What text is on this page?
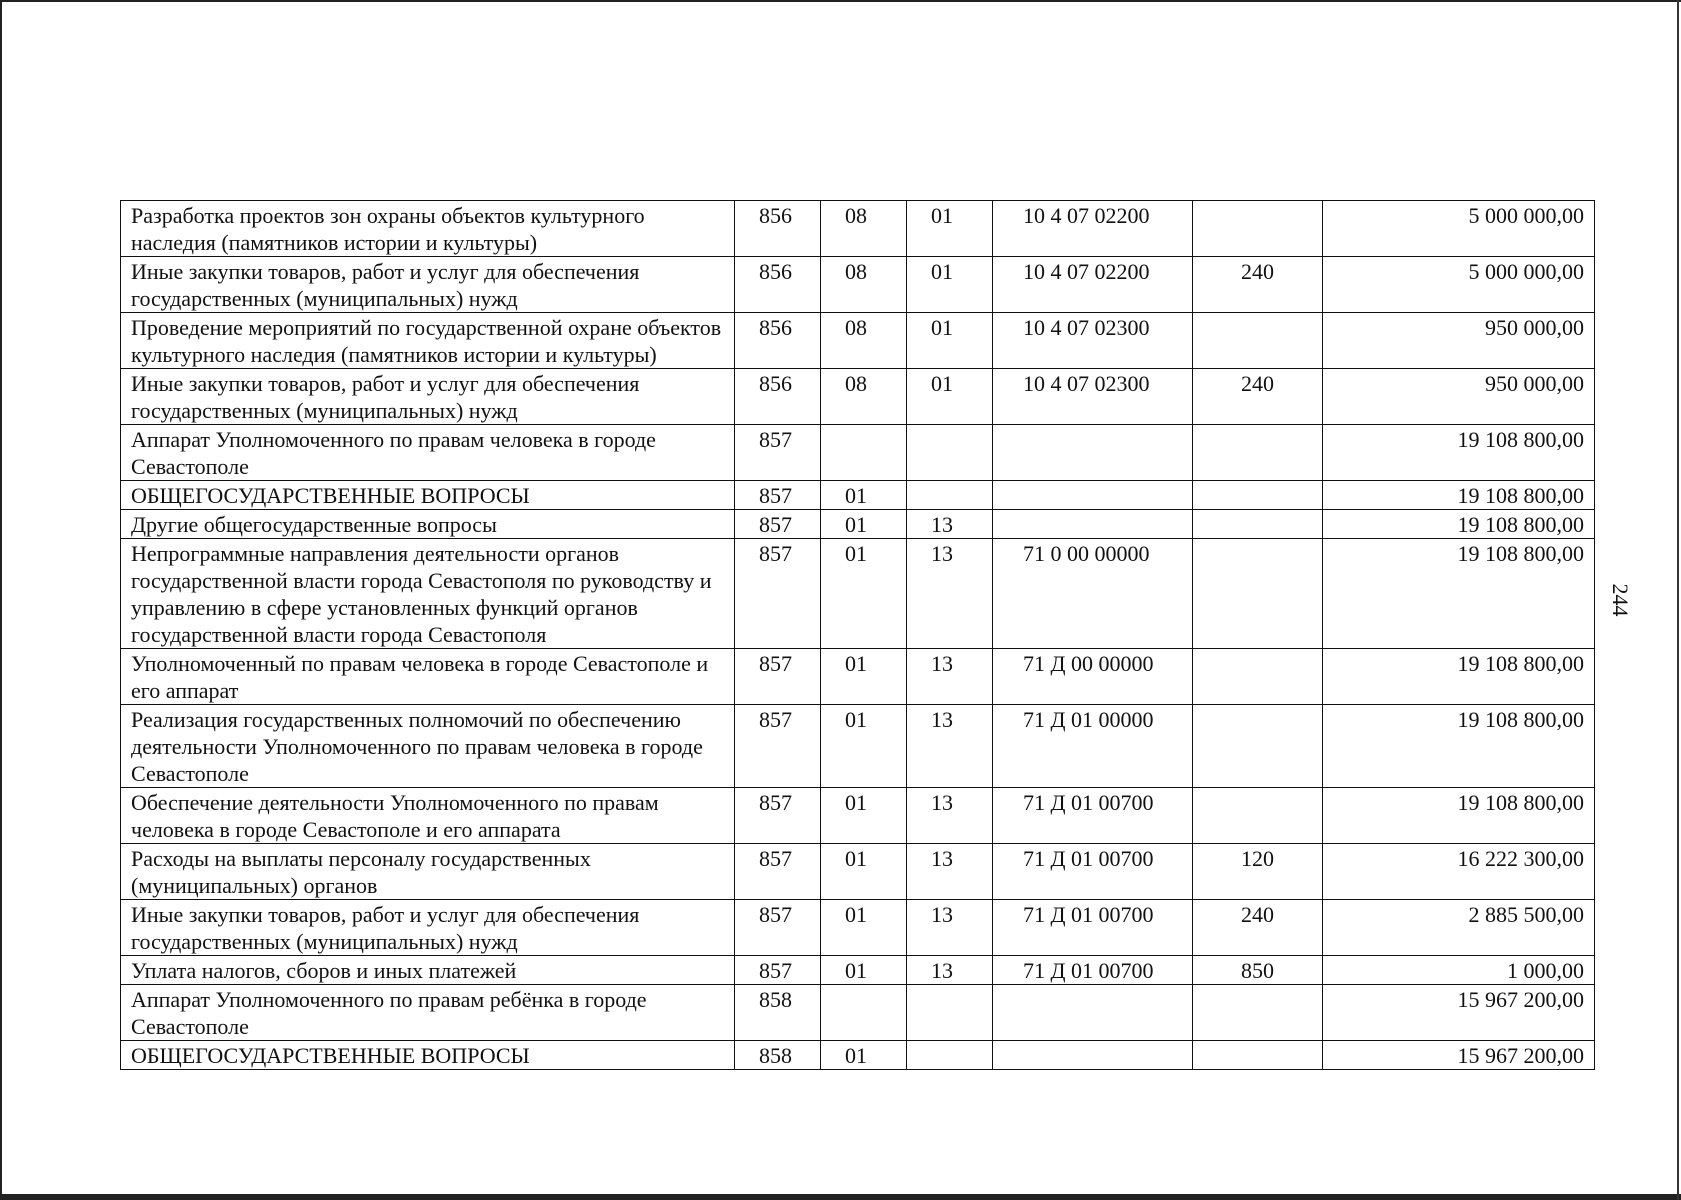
244
Разработка проектов зон охраны объектов культурного наследия (памятников истории и культуры)	856	08	01	10 4 07 02200		5 000 000,00
Иные закупки товаров, работ и услуг для обеспечения государственных (муниципальных) нужд	856	08	01	10 4 07 02200	240	5 000 000,00
Проведение мероприятий по государственной охране объектов культурного наследия (памятников истории и культуры)	856	08	01	10 4 07 02300		950 000,00
Иные закупки товаров, работ и услуг для обеспечения государственных (муниципальных) нужд	856	08	01	10 4 07 02300	240	950 000,00
Аппарат Уполномоченного по правам человека в городе Севастополе	857					19 108 800,00
ОБЩЕГОСУДАРСТВЕННЫЕ ВОПРОСЫ	857	01				19 108 800,00
Другие общегосударственные вопросы	857	01	13			19 108 800,00
Непрограммные направления деятельности органов государственной власти города Севастополя по руководству и управлению в сфере установленных функций органов государственной власти города Севастополя	857	01	13	71 0 00 00000		19 108 800,00
Уполномоченный по правам человека в городе Севастополе и его аппарат	857	01	13	71 Д 00 00000		19 108 800,00
Реализация государственных полномочий по обеспечению деятельности Уполномоченного по правам человека в городе Севастополе	857	01	13	71 Д 01 00000		19 108 800,00
Обеспечение деятельности Уполномоченного по правам человека в городе Севастополе и его аппарата	857	01	13	71 Д 01 00700		19 108 800,00
Расходы на выплаты персоналу государственных (муниципальных) органов	857	01	13	71 Д 01 00700	120	16 222 300,00
Иные закупки товаров, работ и услуг для обеспечения государственных (муниципальных) нужд	857	01	13	71 Д 01 00700	240	2 885 500,00
Уплата налогов, сборов и иных платежей	857	01	13	71 Д 01 00700	850	1 000,00
Аппарат Уполномоченного по правам ребёнка в городе Севастополе	858					15 967 200,00
ОБЩЕГОСУДАРСТВЕННЫЕ ВОПРОСЫ	858	01				15 967 200,00
